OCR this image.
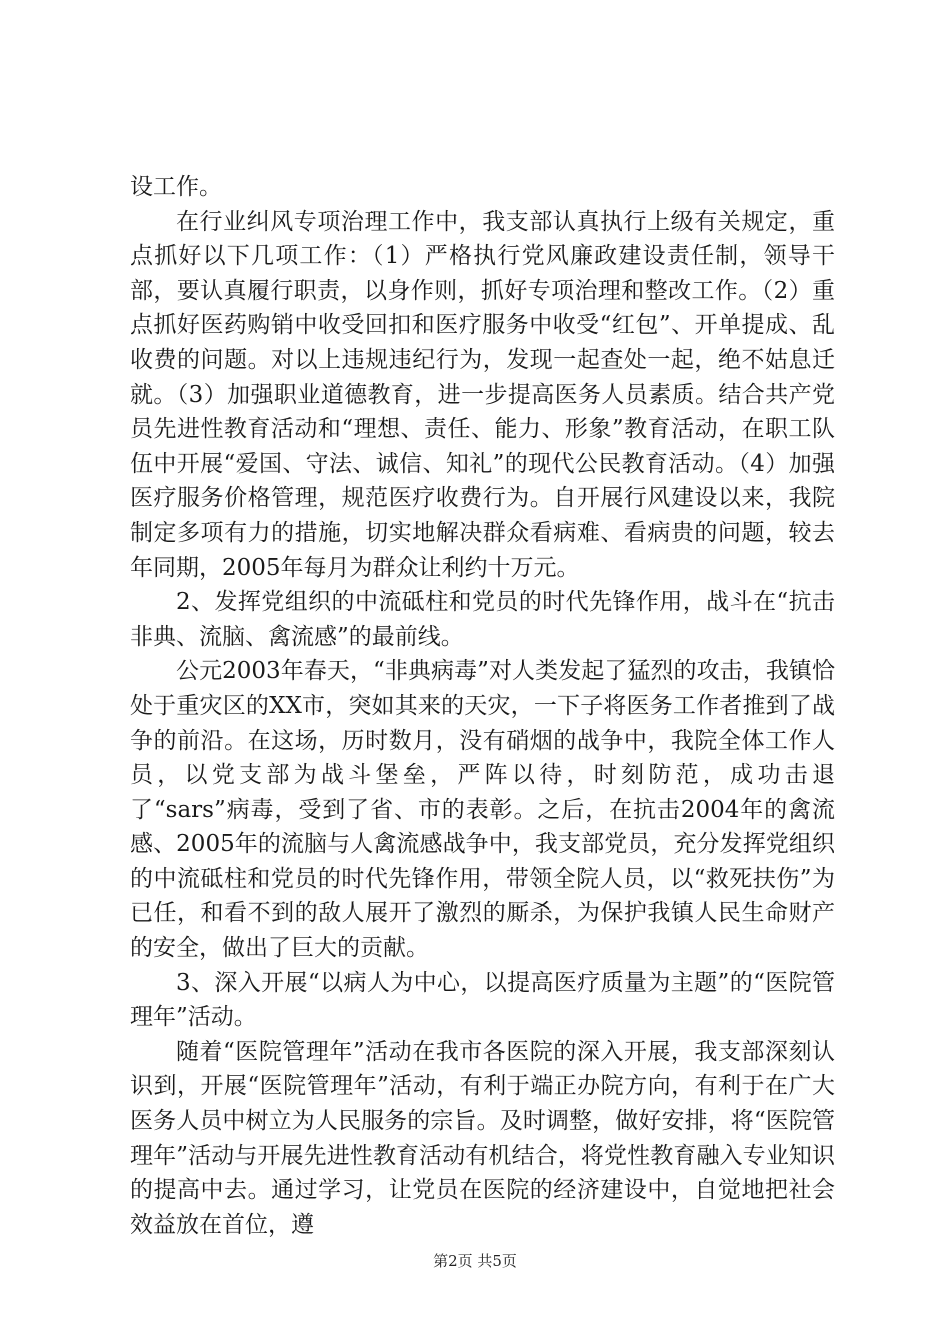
设工作。

在行业纠风专项治理工作中，我支部认真执行上级有关规定，重点抓好以下几项工作：（1）严格执行党风廉政建设责任制，领导干部，要认真履行职责，以身作则，抓好专项治理和整改工作。（2）重点抓好医药购销中收受回扣和医疗服务中收受“红包”、开单提成、乱收费的问题。对以上违规违纪行为，发现一起查处一起，绝不姑息迁就。（3）加强职业道德教育，进一步提高医务人员素质。结合共产党员先进性教育活动和“理想、责任、能力、形象”教育活动，在职工队伍中开展“爱国、守法、诚信、知礼”的现代公民教育活动。（4）加强医疗服务价格管理，规范医疗收费行为。自开展行风建设以来，我院制定多项有力的措施，切实地解决群众看病难、看病贵的问题，较去年同期，2005年每月为群众让利约十万元。

2、发挥党组织的中流砥柱和党员的时代先锋作用，战斗在“抗击非典、流脑、禽流感”的最前线。

公元2003年春天，“非典病毒”对人类发起了猛烈的攻击，我镇恰处于重灾区的XX市，突如其来的天灾，一下子将医务工作者推到了战争的前沿。在这场，历时数月，没有硝烟的战争中，我院全体工作人员，以党支部为战斗堡垒，严阵以待，时刻防范，成功击退了“sars”病毒，受到了省、市的表彰。之后，在抗击2004年的禽流感、2005年的流脑与人禽流感战争中，我支部党员，充分发挥党组织的中流砥柱和党员的时代先锋作用，带领全院人员，以“救死扶伤”为已任，和看不到的敌人展开了激烈的厮杀，为保护我镇人民生命财产的安全，做出了巨大的贡献。

3、深入开展“以病人为中心，以提高医疗质量为主题”的“医院管理年”活动。

随着“医院管理年”活动在我市各医院的深入开展，我支部深刻认识到，开展“医院管理年”活动，有利于端正办院方向，有利于在广大医务人员中树立为人民服务的宗旨。及时调整，做好安排，将“医院管理年”活动与开展先进性教育活动有机结合，将党性教育融入专业知识的提高中去。通过学习，让党员在医院的经济建设中，自觉地把社会效益放在首位，遵

第2页 共5页
